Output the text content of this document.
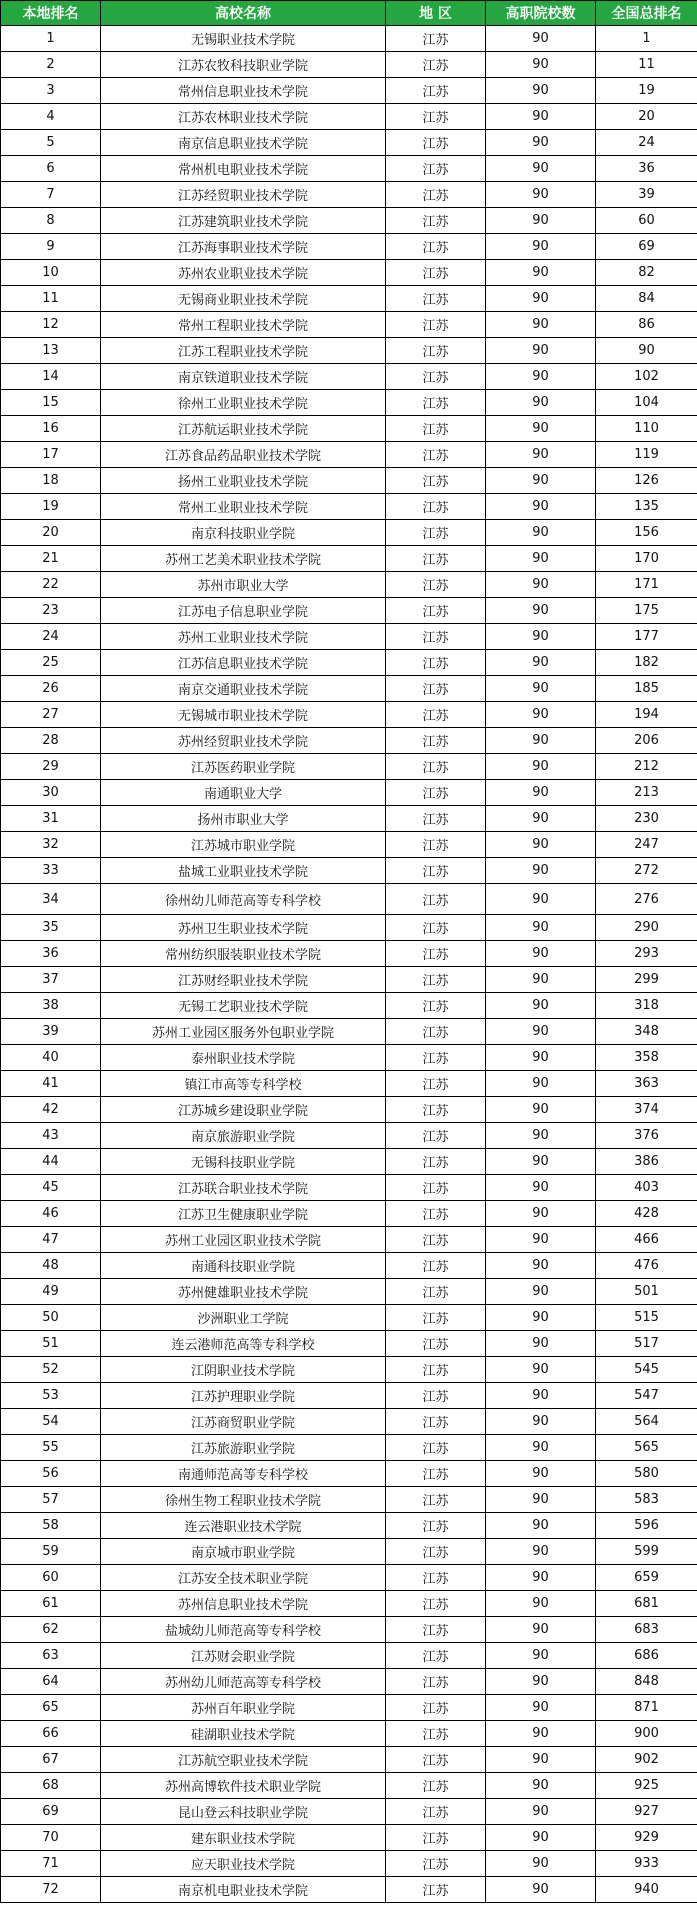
本地排名	高校名称	地 区	高职院校数	全国总排名
1	无锡职业技术学院	江苏	90	1
2	江苏农牧科技职业学院	江苏	90	11
3	常州信息职业技术学院	江苏	90	19
4	江苏农林职业技术学院	江苏	90	20
5	南京信息职业技术学院	江苏	90	24
6	常州机电职业技术学院	江苏	90	36
7	江苏经贸职业技术学院	江苏	90	39
8	江苏建筑职业技术学院	江苏	90	60
9	江苏海事职业技术学院	江苏	90	69
10	苏州农业职业技术学院	江苏	90	82
11	无锡商业职业技术学院	江苏	90	84
12	常州工程职业技术学院	江苏	90	86
13	江苏工程职业技术学院	江苏	90	90
14	南京铁道职业技术学院	江苏	90	102
15	徐州工业职业技术学院	江苏	90	104
16	江苏航运职业技术学院	江苏	90	110
17	江苏食品药品职业技术学院	江苏	90	119
18	扬州工业职业技术学院	江苏	90	126
19	常州工业职业技术学院	江苏	90	135
20	南京科技职业学院	江苏	90	156
21	苏州工艺美术职业技术学院	江苏	90	170
22	苏州市职业大学	江苏	90	171
23	江苏电子信息职业学院	江苏	90	175
24	苏州工业职业技术学院	江苏	90	177
25	江苏信息职业技术学院	江苏	90	182
26	南京交通职业技术学院	江苏	90	185
27	无锡城市职业技术学院	江苏	90	194
28	苏州经贸职业技术学院	江苏	90	206
29	江苏医药职业学院	江苏	90	212
30	南通职业大学	江苏	90	213
31	扬州市职业大学	江苏	90	230
32	江苏城市职业学院	江苏	90	247
33	盐城工业职业技术学院	江苏	90	272
34	徐州幼儿师范高等专科学校	江苏	90	276
35	苏州卫生职业技术学院	江苏	90	290
36	常州纺织服装职业技术学院	江苏	90	293
37	江苏财经职业技术学院	江苏	90	299
38	无锡工艺职业技术学院	江苏	90	318
39	苏州工业园区服务外包职业学院	江苏	90	348
40	泰州职业技术学院	江苏	90	358
41	镇江市高等专科学校	江苏	90	363
42	江苏城乡建设职业学院	江苏	90	374
43	南京旅游职业学院	江苏	90	376
44	无锡科技职业学院	江苏	90	386
45	江苏联合职业技术学院	江苏	90	403
46	江苏卫生健康职业学院	江苏	90	428
47	苏州工业园区职业技术学院	江苏	90	466
48	南通科技职业学院	江苏	90	476
49	苏州健雄职业技术学院	江苏	90	501
50	沙洲职业工学院	江苏	90	515
51	连云港师范高等专科学校	江苏	90	517
52	江阴职业技术学院	江苏	90	545
53	江苏护理职业学院	江苏	90	547
54	江苏商贸职业学院	江苏	90	564
55	江苏旅游职业学院	江苏	90	565
56	南通师范高等专科学校	江苏	90	580
57	徐州生物工程职业技术学院	江苏	90	583
58	连云港职业技术学院	江苏	90	596
59	南京城市职业学院	江苏	90	599
60	江苏安全技术职业学院	江苏	90	659
61	苏州信息职业技术学院	江苏	90	681
62	盐城幼儿师范高等专科学校	江苏	90	683
63	江苏财会职业学院	江苏	90	686
64	苏州幼儿师范高等专科学校	江苏	90	848
65	苏州百年职业学院	江苏	90	871
66	硅湖职业技术学院	江苏	90	900
67	江苏航空职业技术学院	江苏	90	902
68	苏州高博软件技术职业学院	江苏	90	925
69	昆山登云科技职业学院	江苏	90	927
70	建东职业技术学院	江苏	90	929
71	应天职业技术学院	江苏	90	933
72	南京机电职业技术学院	江苏	90	940
